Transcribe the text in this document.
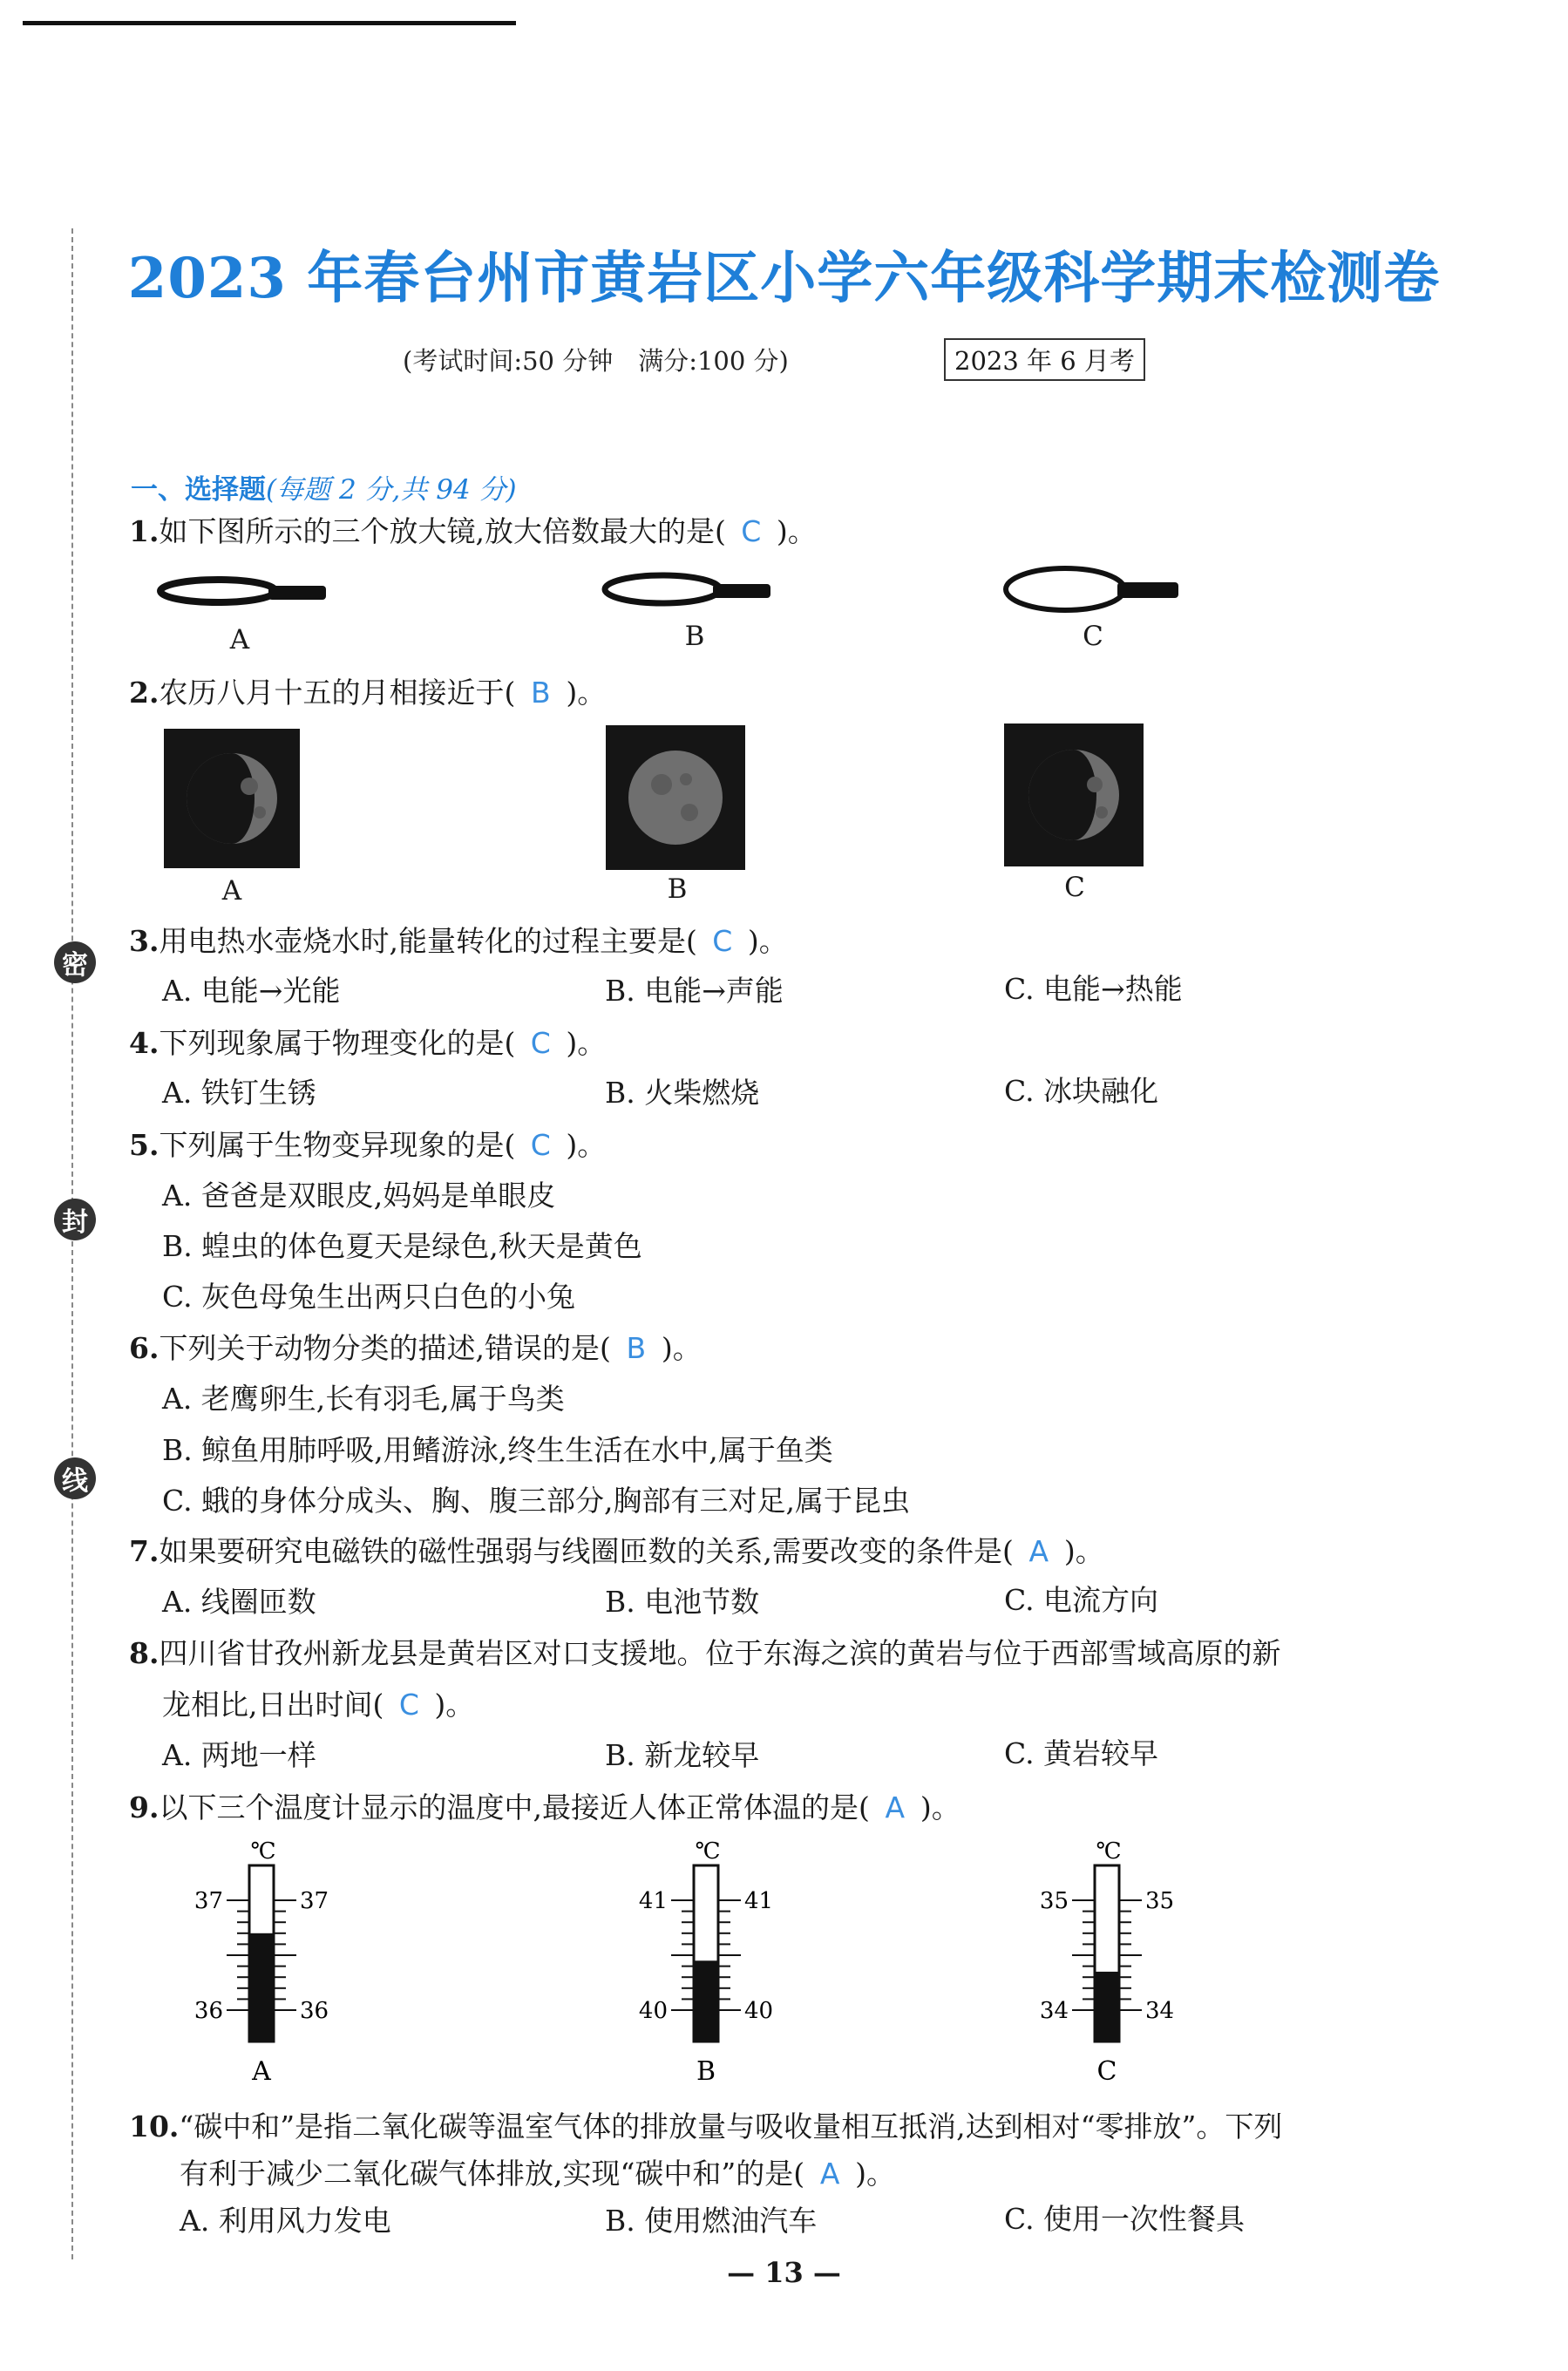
密
封
线
2023 年春台州市黄岩区小学六年级科学期末检测卷
(考试时间:50 分钟　满分:100 分)	2023 年 6 月考
一、选择题(每题 2 分,共 94 分)
1.如下图所示的三个放大镜,放大倍数最大的是( C )。
A	B	C
2.农历八月十五的月相接近于( B )。
A	B	C
3.用电热水壶烧水时,能量转化的过程主要是( C )。
A. 电能→光能	B. 电能→声能	C. 电能→热能
4.下列现象属于物理变化的是( C )。
A. 铁钉生锈	B. 火柴燃烧	C. 冰块融化
5.下列属于生物变异现象的是( C )。
A. 爸爸是双眼皮,妈妈是单眼皮
B. 蝗虫的体色夏天是绿色,秋天是黄色
C. 灰色母兔生出两只白色的小兔
6.下列关于动物分类的描述,错误的是( B )。
A. 老鹰卵生,长有羽毛,属于鸟类
B. 鲸鱼用肺呼吸,用鳍游泳,终生生活在水中,属于鱼类
C. 蛾的身体分成头、胸、腹三部分,胸部有三对足,属于昆虫
7.如果要研究电磁铁的磁性强弱与线圈匝数的关系,需要改变的条件是( A )。
A. 线圈匝数	B. 电池节数	C. 电流方向
8.四川省甘孜州新龙县是黄岩区对口支援地。位于东海之滨的黄岩与位于西部雪域高原的新
龙相比,日出时间( C )。
A. 两地一样	B. 新龙较早	C. 黄岩较早
9.以下三个温度计显示的温度中,最接近人体正常体温的是( A )。
℃
37	37
36	36
A
℃
41	41
40	40
B
℃
35	35
34	34
C
10.“碳中和”是指二氧化碳等温室气体的排放量与吸收量相互抵消,达到相对“零排放”。下列
有利于减少二氧化碳气体排放,实现“碳中和”的是( A )。
A. 利用风力发电	B. 使用燃油汽车	C. 使用一次性餐具
— 13 —
